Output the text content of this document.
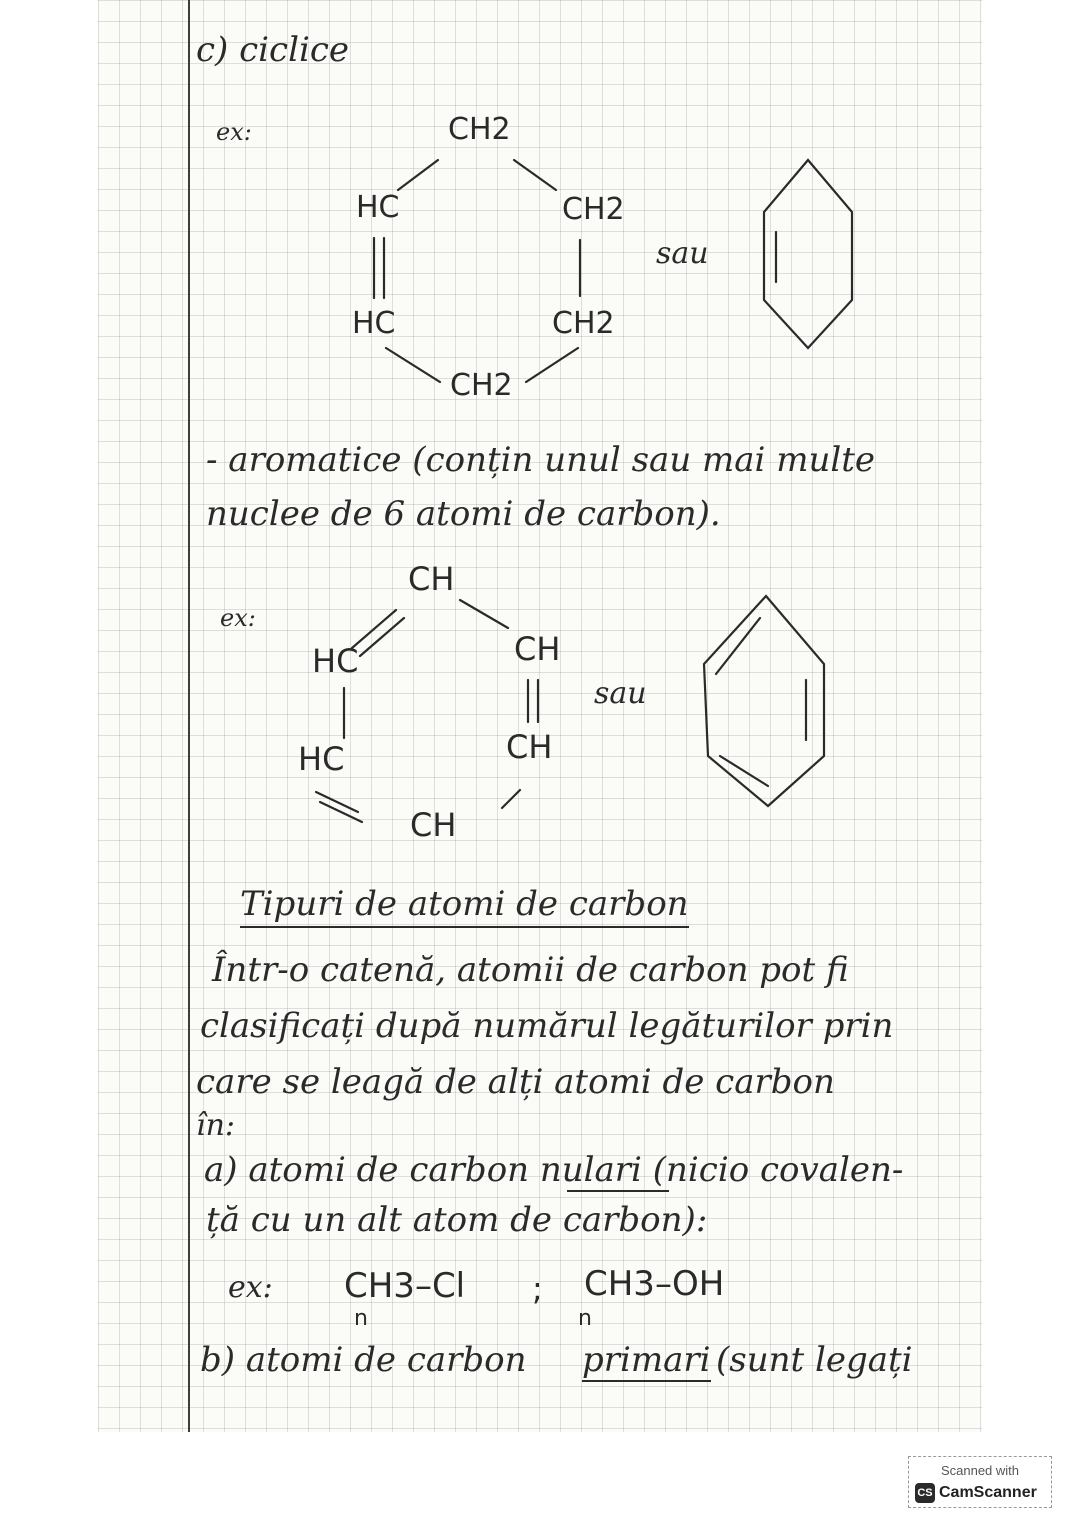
c) ciclice
ex:	CH2
HC	CH2
HC	CH2
CH2
sau
- aromatice (conțin unul sau mai multe
nuclee de 6 atomi de carbon).
ex:
CH
HC	CH
HC	CH
CH
sau
Tipuri de atomi de carbon
Într-o catenă, atomii de carbon pot fi
clasificați după numărul legăturilor prin
care se leagă de alți atomi de carbon
în:
a) atomi de carbon nulari (nicio covalen-
ță cu un alt atom de carbon):
ex: CH3–Cl
n
; CH3–OH
n
b) atomi de carbon primari (sunt legați
Scanned with
CS CamScanner
